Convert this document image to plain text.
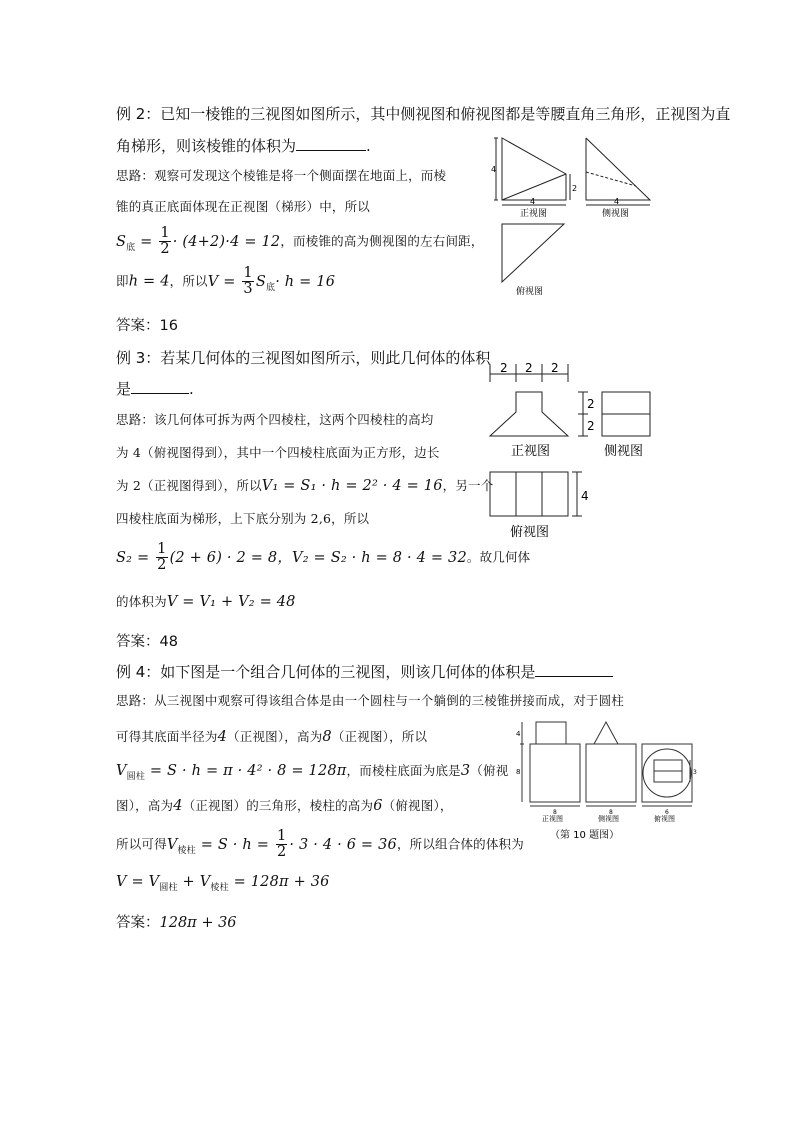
例 2：已知一棱锥的三视图如图所示，其中侧视图和俯视图都是等腰直角三角形，正视图为直
角梯形，则该棱锥的体积为	.
思路：观察可发现这个棱锥是将一个侧面摆在地面上，而棱
锥的真正底面体现在正视图（梯形）中，所以
$S_底 = \frac{1}{2} \cdot (4+2)\cdot 4 = 12$，而棱锥的高为侧视图的左右间距，
即h = 4，所以$V = \frac{1}{3} S_底\cdot h = 16$
答案：16
4
2
4
正视图
4
侧视图
俯视图
例 3：若某几何体的三视图如图所示，则此几何体的体积
是	.
思路：该几何体可拆为两个四棱柱，这两个四棱柱的高均
为 4（俯视图得到），其中一个四棱柱底面为正方形，边长
为 2（正视图得到），所以V₁ = S₁ · h = 2² · 4 = 16，另一个
四棱柱底面为梯形，上下底分别为 2,6，所以
$S_2 = \frac{1}{2} (2 + 6) \cdot 2 = 8$，V₂ = S₂ · h = 8 · 4 = 32。故几何体
的体积为V = V₁ + V₂ = 48
答案：48
2 2 2
正视图
2
2
侧视图
4
俯视图
例 4：如下图是一个组合几何体的三视图，则该几何体的体积是
思路：从三视图中观察可得该组合体是由一个圆柱与一个躺倒的三棱锥拼接而成，对于圆柱
可得其底面半径为4（正视图），高为8（正视图），所以
$V_{圆柱} = S \cdot h = \pi \cdot 4^2 \cdot 8 = 128\pi$，而棱柱底面为底是3（俯视
图），高为4（正视图）的三角形，棱柱的高为6（俯视图），
所以可得$V_{棱柱} = S \cdot h = \frac{1}{2} \cdot 3 \cdot 4 \cdot 6 = 36$，所以组合体的体积为
$V = V_{圆柱} + V_{棱柱} = 128\pi + 36$
答案：128π + 36
4
8
8
正视图
8
侧视图
3
6
俯视图
（第 10 题图）
